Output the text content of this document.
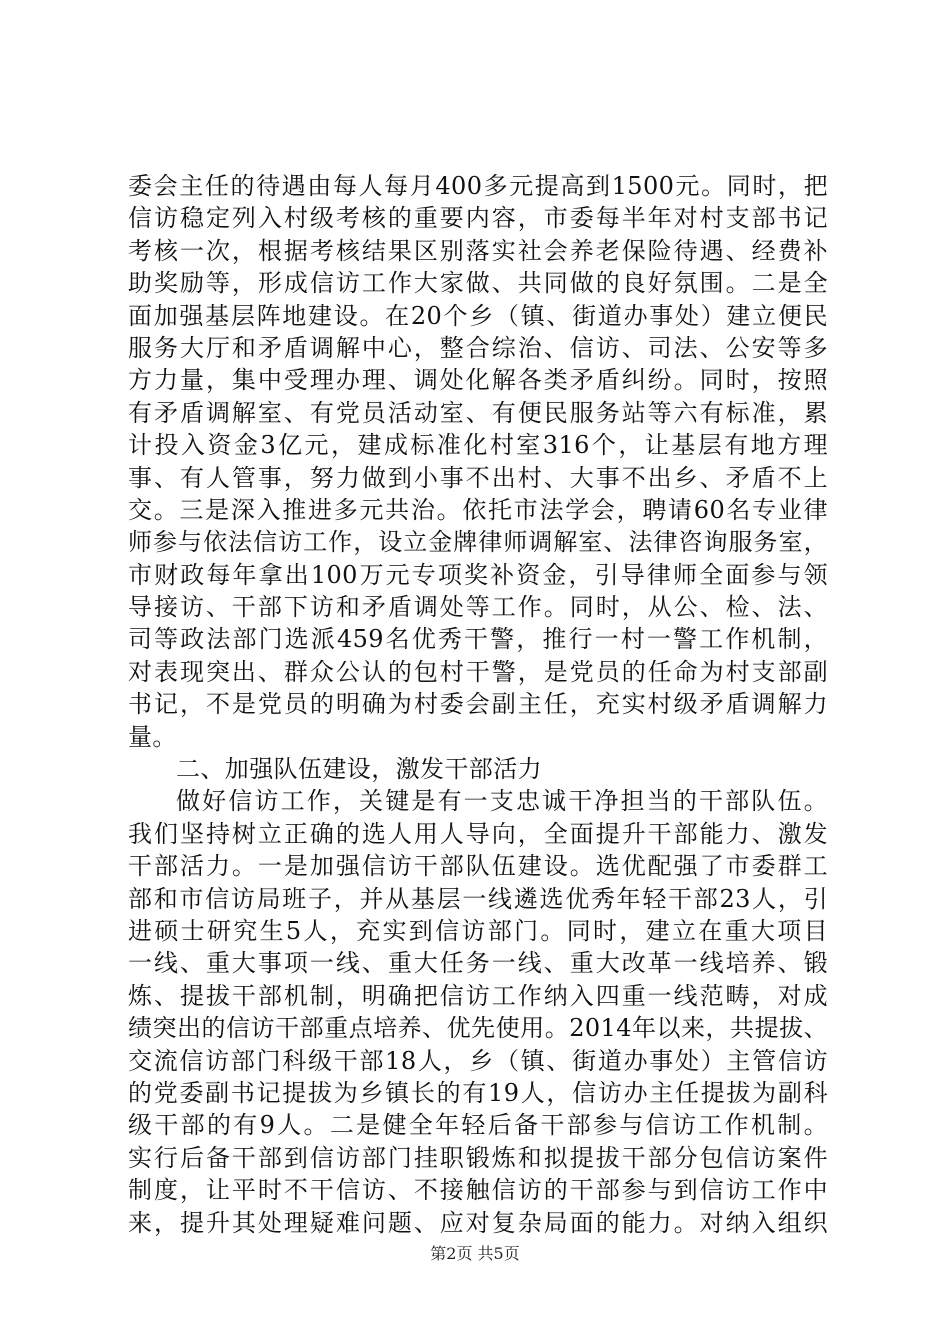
委会主任的待遇由每人每月400多元提高到1500元。同时，把
信访稳定列入村级考核的重要内容，市委每半年对村支部书记
考核一次，根据考核结果区别落实社会养老保险待遇、经费补
助奖励等，形成信访工作大家做、共同做的良好氛围。二是全
面加强基层阵地建设。在20个乡（镇、街道办事处）建立便民
服务大厅和矛盾调解中心，整合综治、信访、司法、公安等多
方力量，集中受理办理、调处化解各类矛盾纠纷。同时，按照
有矛盾调解室、有党员活动室、有便民服务站等六有标准，累
计投入资金3亿元，建成标准化村室316个，让基层有地方理
事、有人管事，努力做到小事不出村、大事不出乡、矛盾不上
交。三是深入推进多元共治。依托市法学会，聘请60名专业律
师参与依法信访工作，设立金牌律师调解室、法律咨询服务室，
市财政每年拿出100万元专项奖补资金，引导律师全面参与领
导接访、干部下访和矛盾调处等工作。同时，从公、检、法、
司等政法部门选派459名优秀干警，推行一村一警工作机制，
对表现突出、群众公认的包村干警，是党员的任命为村支部副
书记，不是党员的明确为村委会副主任，充实村级矛盾调解力
量。
二、加强队伍建设，激发干部活力
做好信访工作，关键是有一支忠诚干净担当的干部队伍。
我们坚持树立正确的选人用人导向，全面提升干部能力、激发
干部活力。一是加强信访干部队伍建设。选优配强了市委群工
部和市信访局班子，并从基层一线遴选优秀年轻干部23人，引
进硕士研究生5人，充实到信访部门。同时，建立在重大项目
一线、重大事项一线、重大任务一线、重大改革一线培养、锻
炼、提拔干部机制，明确把信访工作纳入四重一线范畴，对成
绩突出的信访干部重点培养、优先使用。2014年以来，共提拔、
交流信访部门科级干部18人，乡（镇、街道办事处）主管信访
的党委副书记提拔为乡镇长的有19人，信访办主任提拔为副科
级干部的有9人。二是健全年轻后备干部参与信访工作机制。
实行后备干部到信访部门挂职锻炼和拟提拔干部分包信访案件
制度，让平时不干信访、不接触信访的干部参与到信访工作中
来，提升其处理疑难问题、应对复杂局面的能力。对纳入组织
第2页 共5页
